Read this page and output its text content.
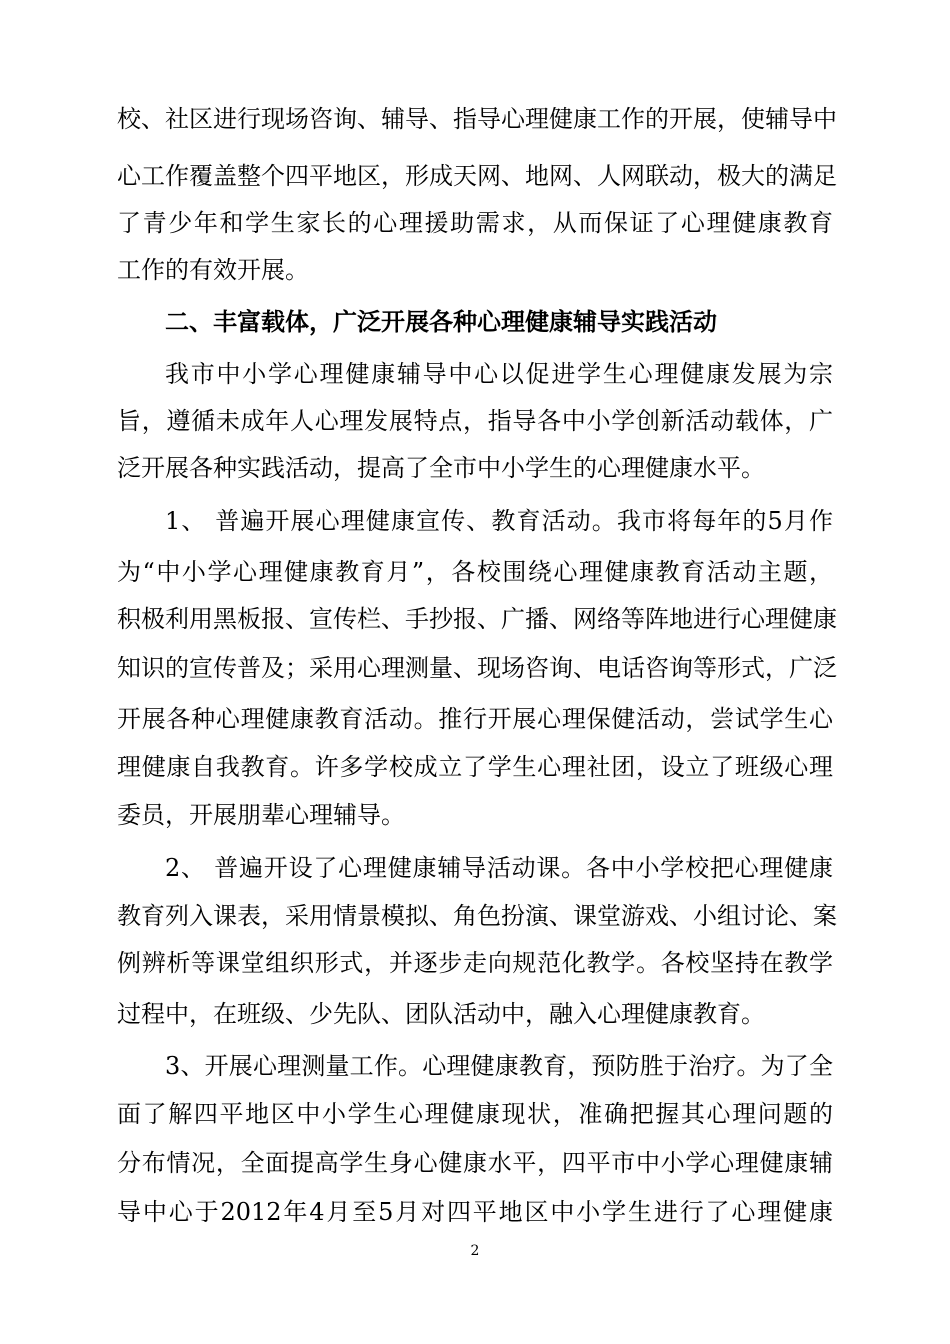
校、社区进行现场咨询、辅导、指导心理健康工作的开展，使辅导中
心工作覆盖整个四平地区，形成天网、地网、人网联动，极大的满足
了青少年和学生家长的心理援助需求，从而保证了心理健康教育
工作的有效开展。
二、丰富载体，广泛开展各种心理健康辅导实践活动
我市中小学心理健康辅导中心以促进学生心理健康发展为宗
旨，遵循未成年人心理发展特点，指导各中小学创新活动载体，广
泛开展各种实践活动，提高了全市中小学生的心理健康水平。
1、 普遍开展心理健康宣传、教育活动。我市将每年的5月作
为“中小学心理健康教育月”，各校围绕心理健康教育活动主题，
积极利用黑板报、宣传栏、手抄报、广播、网络等阵地进行心理健康
知识的宣传普及；采用心理测量、现场咨询、电话咨询等形式，广泛
开展各种心理健康教育活动。推行开展心理保健活动，尝试学生心
理健康自我教育。许多学校成立了学生心理社团，设立了班级心理
委员，开展朋辈心理辅导。
2、 普遍开设了心理健康辅导活动课。各中小学校把心理健康
教育列入课表，采用情景模拟、角色扮演、课堂游戏、小组讨论、案
例辨析等课堂组织形式，并逐步走向规范化教学。各校坚持在教学
过程中，在班级、少先队、团队活动中，融入心理健康教育。
3、开展心理测量工作。心理健康教育，预防胜于治疗。为了全
面了解四平地区中小学生心理健康现状，准确把握其心理问题的
分布情况，全面提高学生身心健康水平，四平市中小学心理健康辅
导中心于2012年4月至5月对四平地区中小学生进行了心理健康
2
